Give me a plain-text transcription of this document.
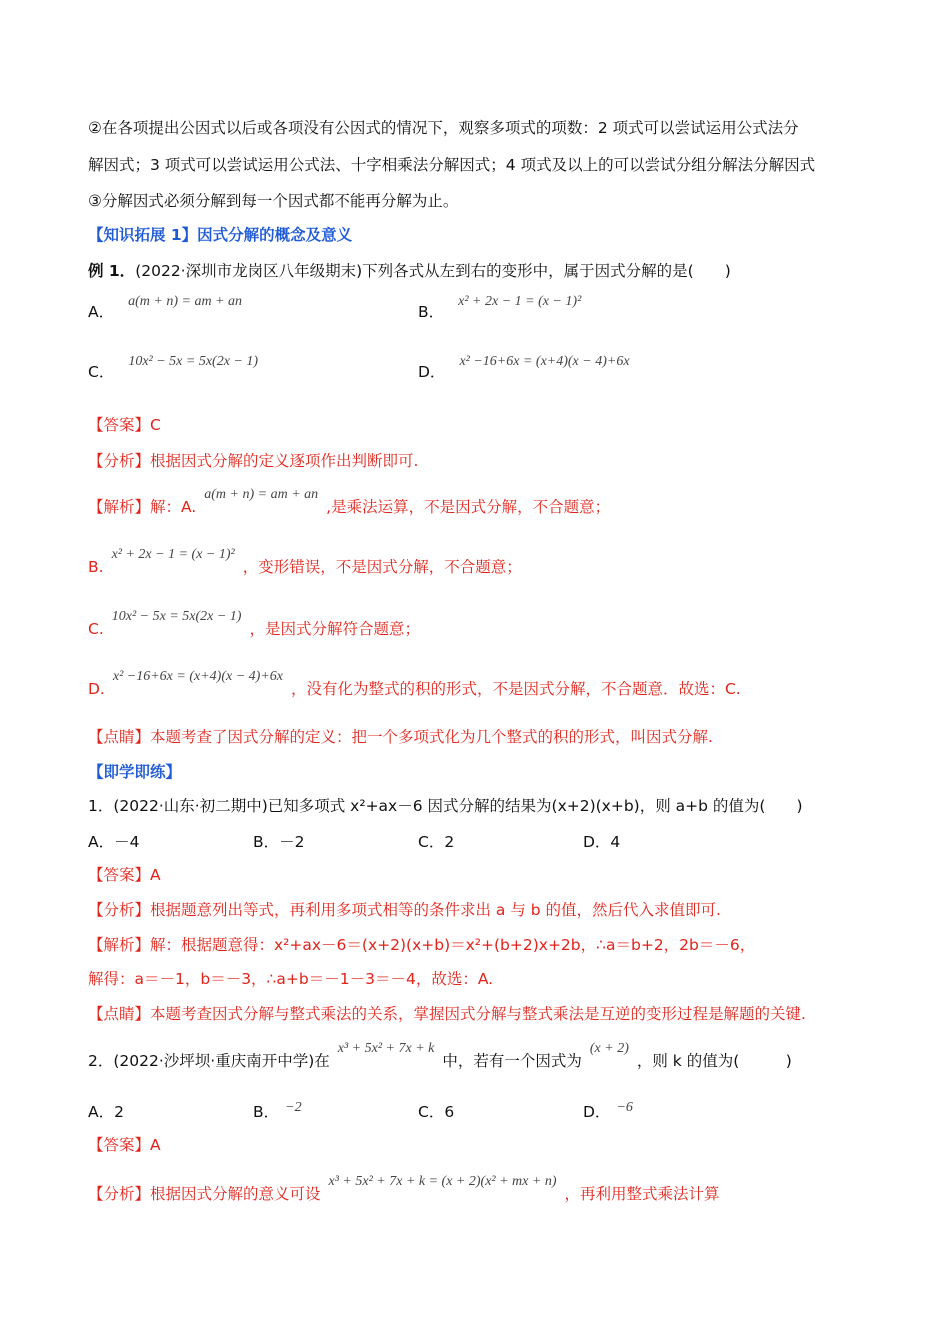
②在各项提出公因式以后或各项没有公因式的情况下，观察多项式的项数：2 项式可以尝试运用公式法分
解因式；3 项式可以尝试运用公式法、十字相乘法分解因式；4 项式及以上的可以尝试分组分解法分解因式
③分解因式必须分解到每一个因式都不能再分解为止。
【知识拓展 1】因式分解的概念及意义
例 1．(2022·深圳市龙岗区八年级期末)下列各式从左到右的变形中，属于因式分解的是(　　)
A．a(m + n) = am + an
B．x² + 2x − 1 = (x − 1)²
C．10x² − 5x = 5x(2x − 1)
D．x² −16+6x = (x+4)(x − 4)+6x
【答案】C
【分析】根据因式分解的定义逐项作出判断即可.
【解析】解：A.a(m + n) = am + an,是乘法运算，不是因式分解，不合题意；
B.x² + 2x − 1 = (x − 1)²，变形错误，不是因式分解，不合题意；
C.10x² − 5x = 5x(2x − 1)，是因式分解符合题意；
D.x² −16+6x = (x+4)(x − 4)+6x，没有化为整式的积的形式，不是因式分解，不合题意．故选：C.
【点睛】本题考查了因式分解的定义：把一个多项式化为几个整式的积的形式，叫因式分解.
【即学即练】
1．(2022·山东·初二期中)已知多项式 x²+ax－6 因式分解的结果为(x+2)(x+b)，则 a+b 的值为(　　)
A．－4	B．－2	C．2	D．4
【答案】A
【分析】根据题意列出等式，再利用多项式相等的条件求出 a 与 b 的值，然后代入求值即可.
【解析】解：根据题意得：x²+ax－6＝(x+2)(x+b)＝x²+(b+2)x+2b，∴a＝b+2，2b＝－6，
解得：a＝－1，b＝－3，∴a+b＝－1－3＝－4，故选：A.
【点睛】本题考查因式分解与整式乘法的关系，掌握因式分解与整式乘法是互逆的变形过程是解题的关键.
2．(2022·沙坪坝·重庆南开中学)在x³ + 5x² + 7x + k中，若有一个因式为(x + 2)，则 k 的值为(　　　)
A．2	B． −2	C．6	D． −6
【答案】A
【分析】根据因式分解的意义可设x³ + 5x² + 7x + k = (x + 2)(x² + mx + n)，再利用整式乘法计算
